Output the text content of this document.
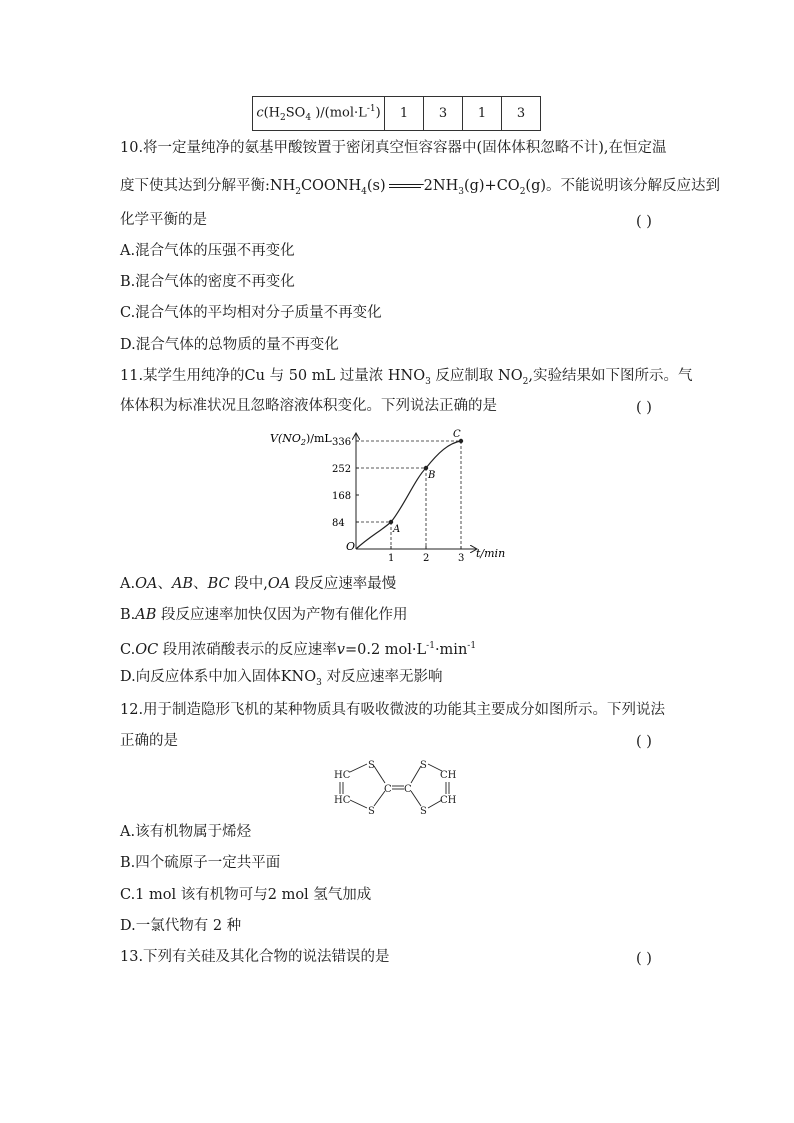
$c(H_2SO_4$ )$/(mol\cdot L^{-1})$	1	3	1	3
10.将一定量纯净的氨基甲酸铵置于密闭真空恒容容器中(固体体积忽略不计),在恒定温
度下使其达到分解平衡$:NH_2COONH_4(s)$	$2NH_3(g)+CO_2(g)$。不能说明该分解反应达到
化学平衡的是	( )
A.混合气体的压强不再变化
B.混合气体的密度不再变化
C.混合气体的平均相对分子质量不再变化
D.混合气体的总物质的量不再变化
11.某学生用纯净的Cu 与 50 mL 过量浓 $HNO_3$ 反应制取 $NO_2$,实验结果如下图所示。气
体体积为标准状况且忽略溶液体积变化。下列说法正确的是	( )
$V(NO_2)/mL$
t/min
O
1	2	3
84
168
252
336
A
B
C
A.OA、AB、BC 段中,OA 段反应速率最慢
B.AB 段反应速率加快仅因为产物有催化作用
C.OC 段用浓硝酸表示的反应速率v=0.2 $mol\cdot L^{-1}\cdot\min^{-1}$
D.向反应体系中加入固体$KNO_3$ 对反应速率无影响
12.用于制造隐形飞机的某种物质具有吸收微波的功能其主要成分如图所示。下列说法
正确的是	( )
HC
HC
S
S
C C
S
S
CH
CH
A.该有机物属于烯烃
B.四个硫原子一定共平面
C.1 mol 该有机物可与2 mol 氢气加成
D.一氯代物有 2 种
13.下列有关硅及其化合物的说法错误的是	( )
